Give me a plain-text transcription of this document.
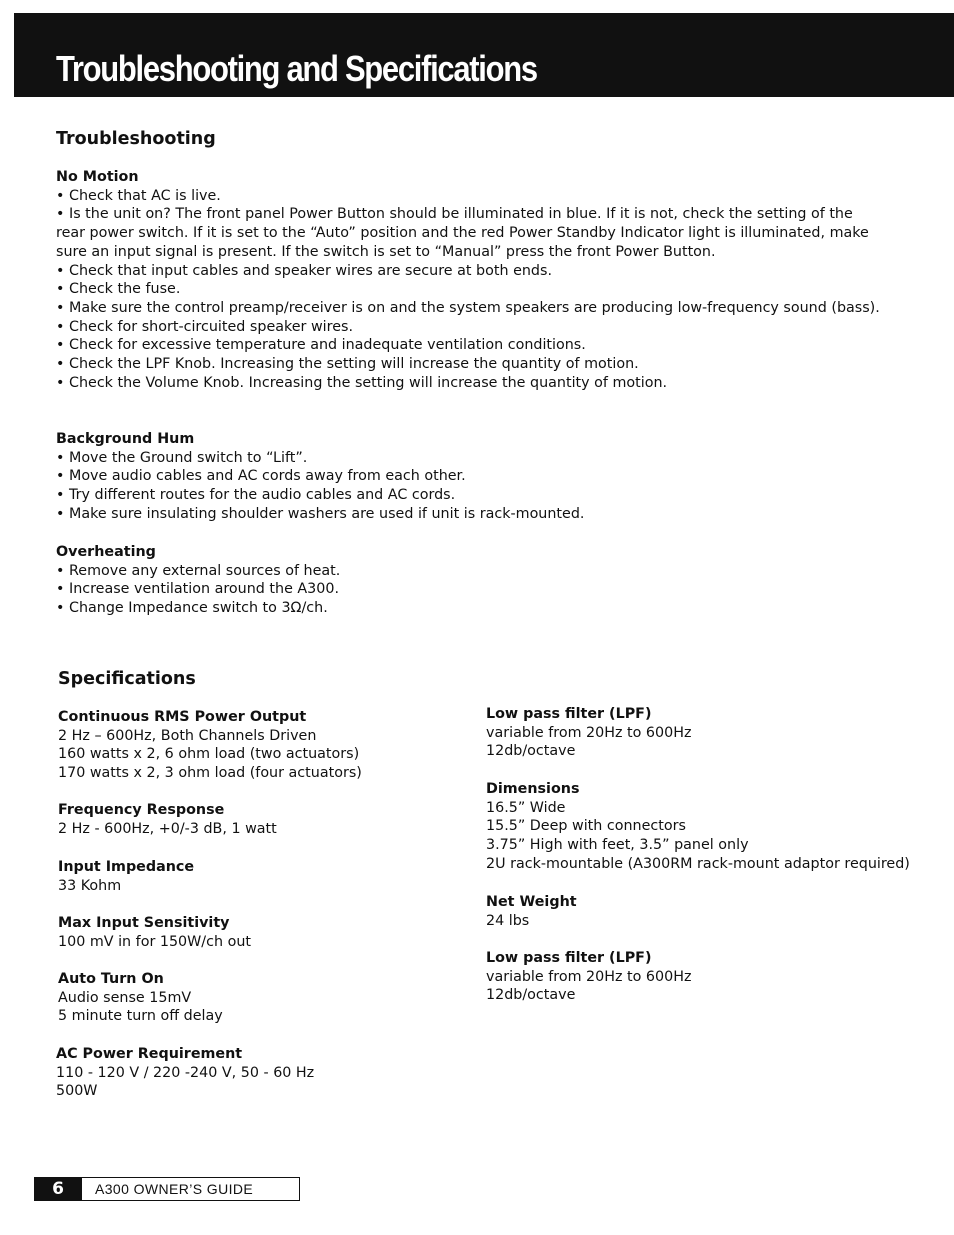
Troubleshooting and Specifications
Troubleshooting

No Motion

• Check that AC is live.
• Is the unit on? The front panel Power Button should be illuminated in blue. If it is not, check the setting of the rear power switch. If it is set to the “Auto” position and the red Power Standby Indicator light is illuminated, make sure an input signal is present. If the switch is set to “Manual” press the front Power Button.
• Check that input cables and speaker wires are secure at both ends.
• Check the fuse.
• Make sure the control preamp/receiver is on and the system speakers are producing low-frequency sound (bass).
• Check for short-circuited speaker wires.
• Check for excessive temperature and inadequate ventilation conditions.
• Check the LPF Knob. Increasing the setting will increase the quantity of motion.
• Check the Volume Knob. Increasing the setting will increase the quantity of motion.

Background Hum

• Move the Ground switch to “Lift”.
• Move audio cables and AC cords away from each other.
• Try different routes for the audio cables and AC cords.
• Make sure insulating shoulder washers are used if unit is rack-mounted.

Overheating

• Remove any external sources of heat.
• Increase ventilation around the A300.
• Change Impedance switch to 3Ω/ch.
Specifications

Continuous RMS Power Output

2 Hz – 600Hz, Both Channels Driven

160 watts x 2, 6 ohm load (two actuators)

170 watts x 2, 3 ohm load (four actuators)

Frequency Response

2 Hz - 600Hz, +0/-3 dB, 1 watt

Input Impedance

33 Kohm

Max Input Sensitivity

100 mV in for 150W/ch out

Auto Turn On

Audio sense 15mV

5 minute turn off delay

AC Power Requirement

110 - 120 V / 220 -240 V, 50 - 60 Hz

500W

Low pass filter (LPF)

variable from 20Hz to 600Hz

12db/octave

Dimensions

16.5” Wide

15.5” Deep with connectors

3.75” High with feet, 3.5” panel only

2U rack-mountable (A300RM rack-mount adaptor required)

Net Weight

24 lbs

Low pass filter (LPF)

variable from 20Hz to 600Hz

12db/octave

6	A300 OWNER’S GUIDE
